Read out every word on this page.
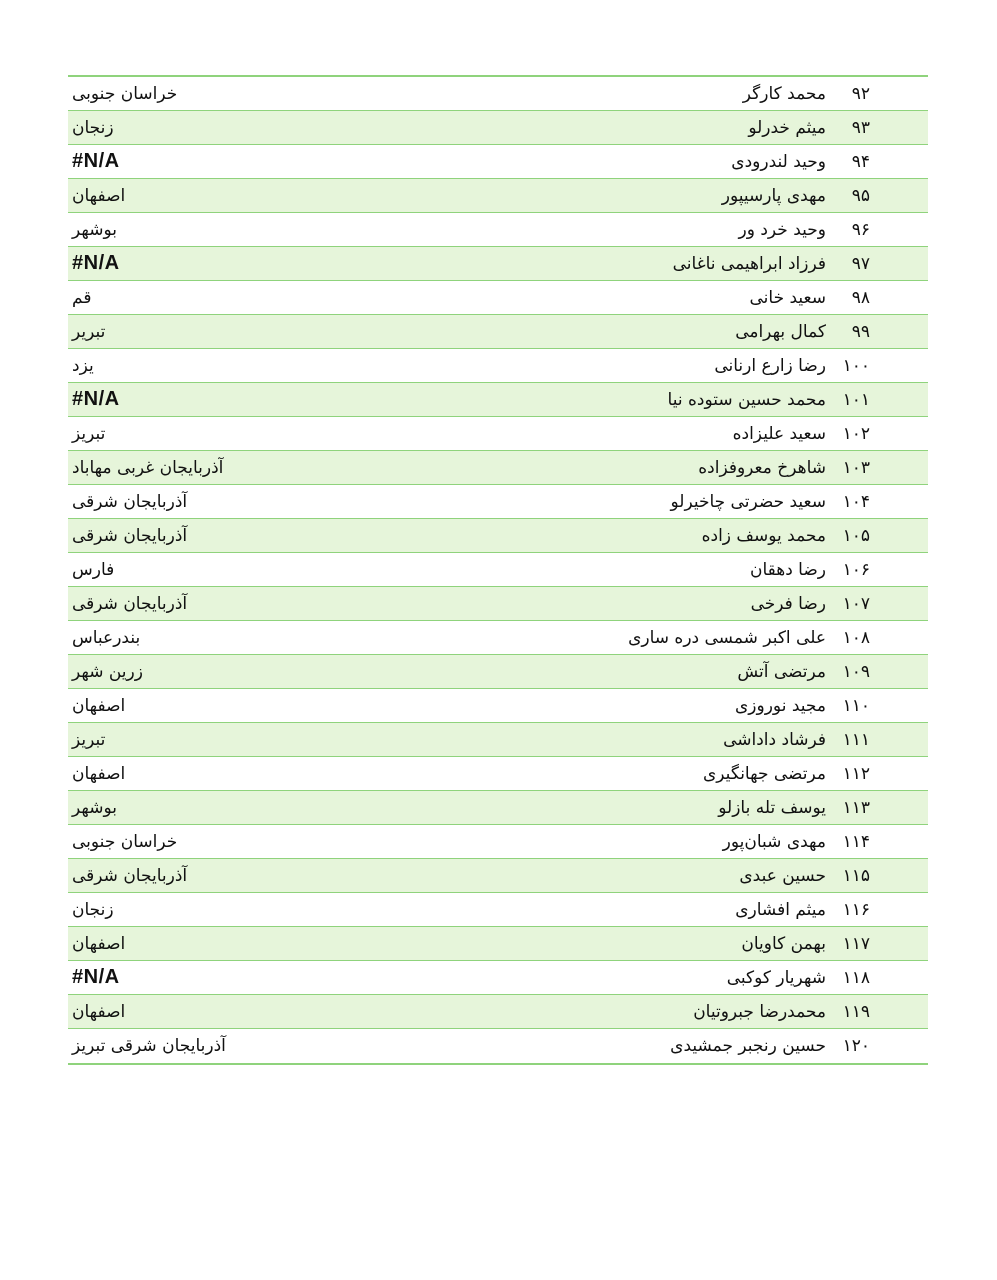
خراسان جنوبی	محمد کارگر	۹۲
زنجان	میثم خدرلو	۹۳
#N/A	وحید لندرودی	۹۴
اصفهان	مهدی پارسیپور	۹۵
بوشهر	وحید خرد ور	۹۶
#N/A	فرزاد ابراهیمی ناغانی	۹۷
قم	سعید خانی	۹۸
تبریر	کمال بهرامی	۹۹
یزد	رضا زارع ارنانی ۱۰۰
#N/A	محمد حسین ستوده نیا ۱۰۱
تبریز	سعید علیزاده ۱۰۲
آذربایجان غربی مهاباد	شاهرخ معروفزاده ۱۰۳
آذربایجان شرقی	سعید حضرتی چاخیرلو ۱۰۴
آذربایجان شرقی	محمد یوسف زاده ۱۰۵
فارس	رضا دهقان ۱۰۶
آذربایجان شرقی	رضا فرخی ۱۰۷
بندرعباس	علی اکبر شمسی دره ساری ۱۰۸
زرین شهر	مرتضی آتش ۱۰۹
اصفهان	مجید نوروزی ۱۱۰
تبریز	فرشاد داداشی ۱۱۱
اصفهان	مرتضی جهانگیری ۱۱۲
بوشهر	یوسف تله بازلو ۱۱۳
خراسان جنوبی	مهدی شبان‌پور ۱۱۴
آذربایجان شرقی	حسین عبدی ۱۱۵
زنجان	میثم افشاری ۱۱۶
اصفهان	بهمن کاویان ۱۱۷
#N/A	شهریار کوکبی ۱۱۸
اصفهان	محمدرضا جبروتیان ۱۱۹
آذربایجان شرقی تبریز	حسین رنجبر جمشیدی ۱۲۰
